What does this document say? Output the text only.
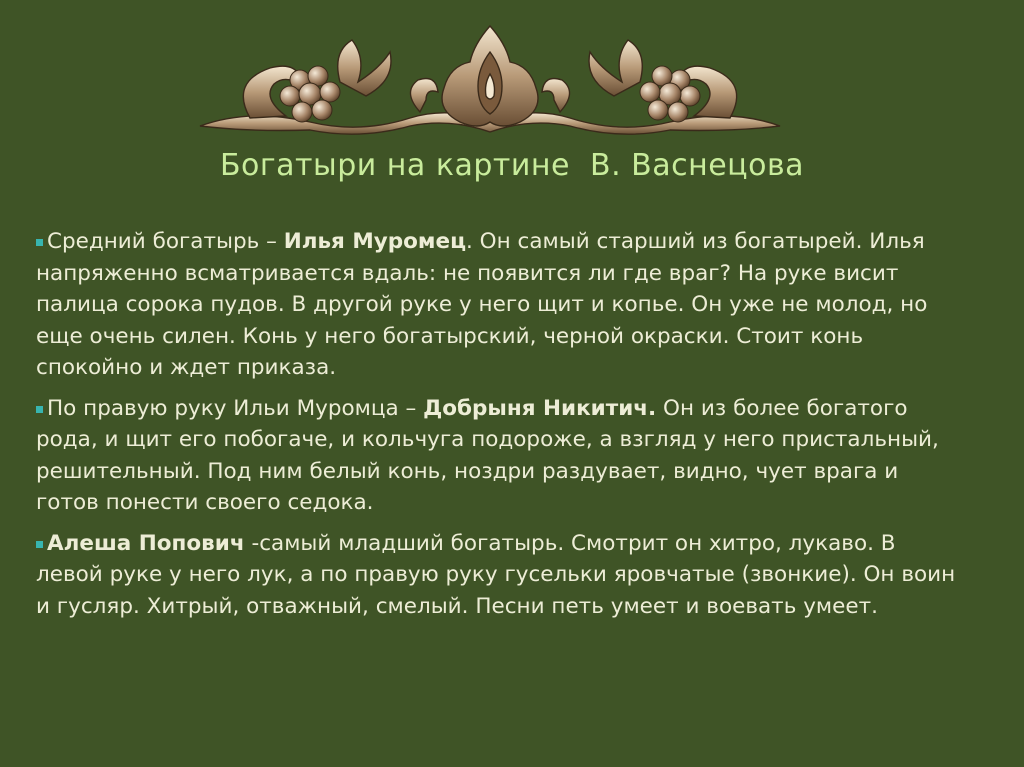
Богатыри на картине  В. Васнецова

Средний богатырь – Илья Муромец. Он самый старший из богатырей. Илья напряженно всматривается вдаль: не появится ли где враг? На руке висит палица сорока пудов. В другой руке у него щит и копье. Он уже не молод, но еще очень силен. Конь у него богатырский, черной окраски. Стоит конь спокойно и ждет приказа.

По правую руку Ильи Муромца – Добрыня Никитич. Он из более богатого рода, и щит его побогаче, и кольчуга подороже, а взгляд у него пристальный, решительный. Под ним белый конь, ноздри раздувает, видно, чует врага и готов понести своего седока.

Алеша Попович -самый младший богатырь. Смотрит он хитро, лукаво. В левой руке у него лук, а по правую руку гусельки яровчатые (звонкие). Он воин и гусляр. Хитрый, отважный, смелый. Песни петь умеет и воевать умеет.
